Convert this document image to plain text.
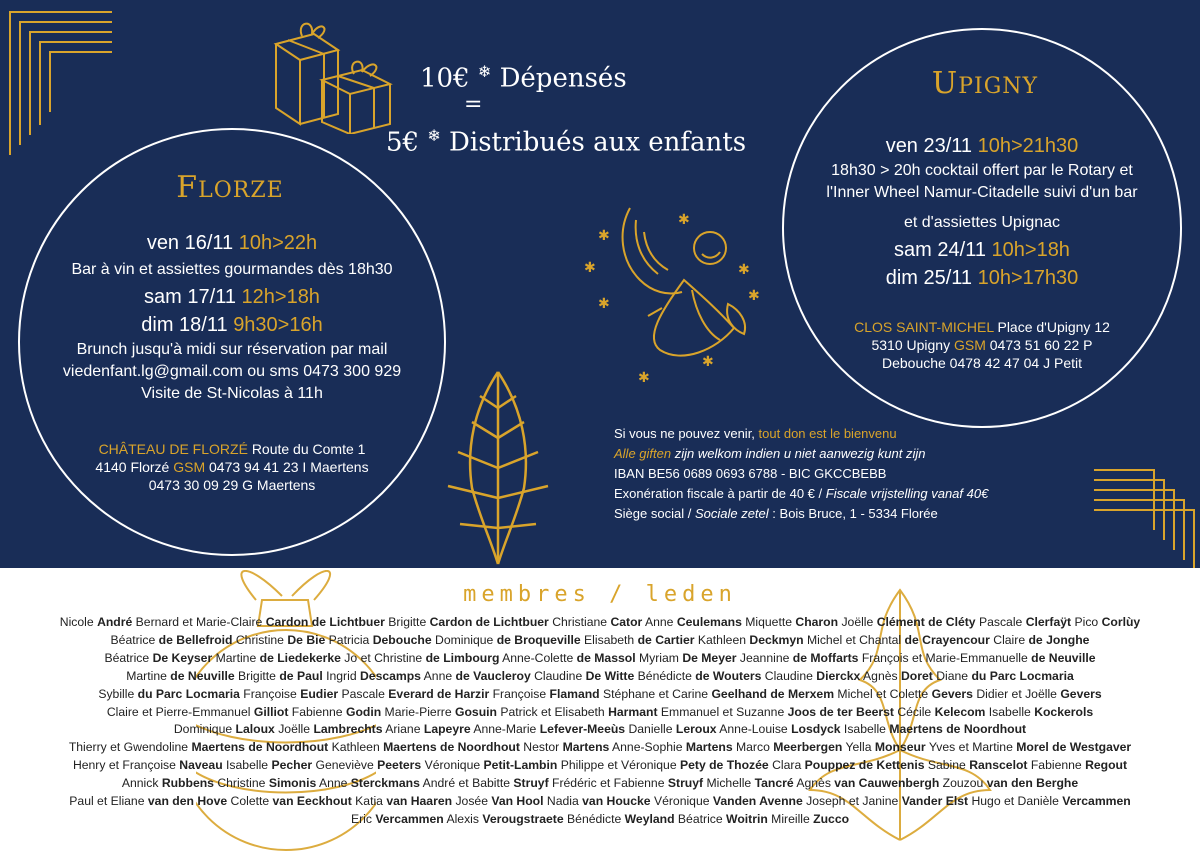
10€ ❄ Dépensés
=
5€ ❄ Distribués aux enfants
FLORZE
ven 16/11 10h>22h
Bar à vin et assiettes gourmandes dès 18h30
sam 17/11 12h>18h
dim 18/11 9h30>16h
Brunch jusqu'à midi sur réservation par mail
viedenfant.lg@gmail.com ou sms 0473 300 929
Visite de St-Nicolas à 11h
CHÂTEAU DE FLORZÉ Route du Comte 1
4140 Florzé GSM 0473 94 41 23 I Maertens
0473 30 09 29 G Maertens
UPIGNY
ven 23/11 10h>21h30
18h30 > 20h cocktail offert par le Rotary et
l'Inner Wheel Namur-Citadelle suivi d'un bar
et d'assiettes Upignac
sam 24/11 10h>18h
dim 25/11 10h>17h30
CLOS SAINT-MICHEL Place d'Upigny 12
5310 Upigny GSM 0473 51 60 22 P
Debouche 0478 42 47 04 J Petit
✱
✱
✱	✱
✱
✱
✱
✱
Si vous ne pouvez venir, tout don est le bienvenu
Alle giften zijn welkom indien u niet aanwezig kunt zijn
IBAN BE56 0689 0693 6788 - BIC GKCCBEBB
Exonération fiscale à partir de 40 € / Fiscale vrijstelling vanaf 40€
Siège social / Sociale zetel : Bois Bruce, 1 - 5334 Florée
membres / leden
Nicole André Bernard et Marie-Claire Cardon de Lichtbuer Brigitte Cardon de Lichtbuer Christiane Cator Anne Ceulemans Miquette Charon Joëlle Clément de Cléty Pascale Clerfaÿt Pico Corlùy
Béatrice de Bellefroid Christine De Bie Patricia Debouche Dominique de Broqueville Elisabeth de Cartier Kathleen Deckmyn Michel et Chantal de Crayencour Claire de Jonghe
Béatrice De Keyser Martine de Liedekerke Jo et Christine de Limbourg Anne-Colette de Massol Myriam De Meyer Jeannine de Moffarts François et Marie-Emmanuelle de Neuville
Martine de Neuville Brigitte de Paul Ingrid Descamps Anne de Vaucleroy Claudine De Witte Bénédicte de Wouters Claudine Dierckx Agnès Doret Diane du Parc Locmaria
Sybille du Parc Locmaria Françoise Eudier Pascale Everard de Harzir Françoise Flamand Stéphane et Carine Geelhand de Merxem Michel et Colette Gevers Didier et Joëlle Gevers
Claire et Pierre-Emmanuel Gilliot Fabienne Godin Marie-Pierre Gosuin Patrick et Elisabeth Harmant Emmanuel et Suzanne Joos de ter Beerst Cécile Kelecom Isabelle Kockerols
Dominique Laloux Joëlle Lambrechts Ariane Lapeyre Anne-Marie Lefever-Meeùs Danielle Leroux Anne-Louise Losdyck Isabelle Maertens de Noordhout
Thierry et Gwendoline Maertens de Noordhout Kathleen Maertens de Noordhout Nestor Martens Anne-Sophie Martens Marco Meerbergen Yella Monseur Yves et Martine Morel de Westgaver
Henry et Françoise Naveau Isabelle Pecher Geneviève Peeters Véronique Petit-Lambin Philippe et Véronique Pety de Thozée Clara Pouppez de Kettenis Sabine Ranscelot Fabienne Regout
Annick Rubbens Christine Simonis Anne Sterckmans André et Babitte Struyf Frédéric et Fabienne Struyf Michelle Tancré Agnès van Cauwenbergh Zouzou van den Berghe
Paul et Eliane van den Hove Colette van Eeckhout Katia van Haaren Josée Van Hool Nadia van Houcke Véronique Vanden Avenne Joseph et Janine Vander Elst Hugo et Danièle Vercammen
Eric Vercammen Alexis Verougstraete Bénédicte Weyland Béatrice Woitrin Mireille Zucco
